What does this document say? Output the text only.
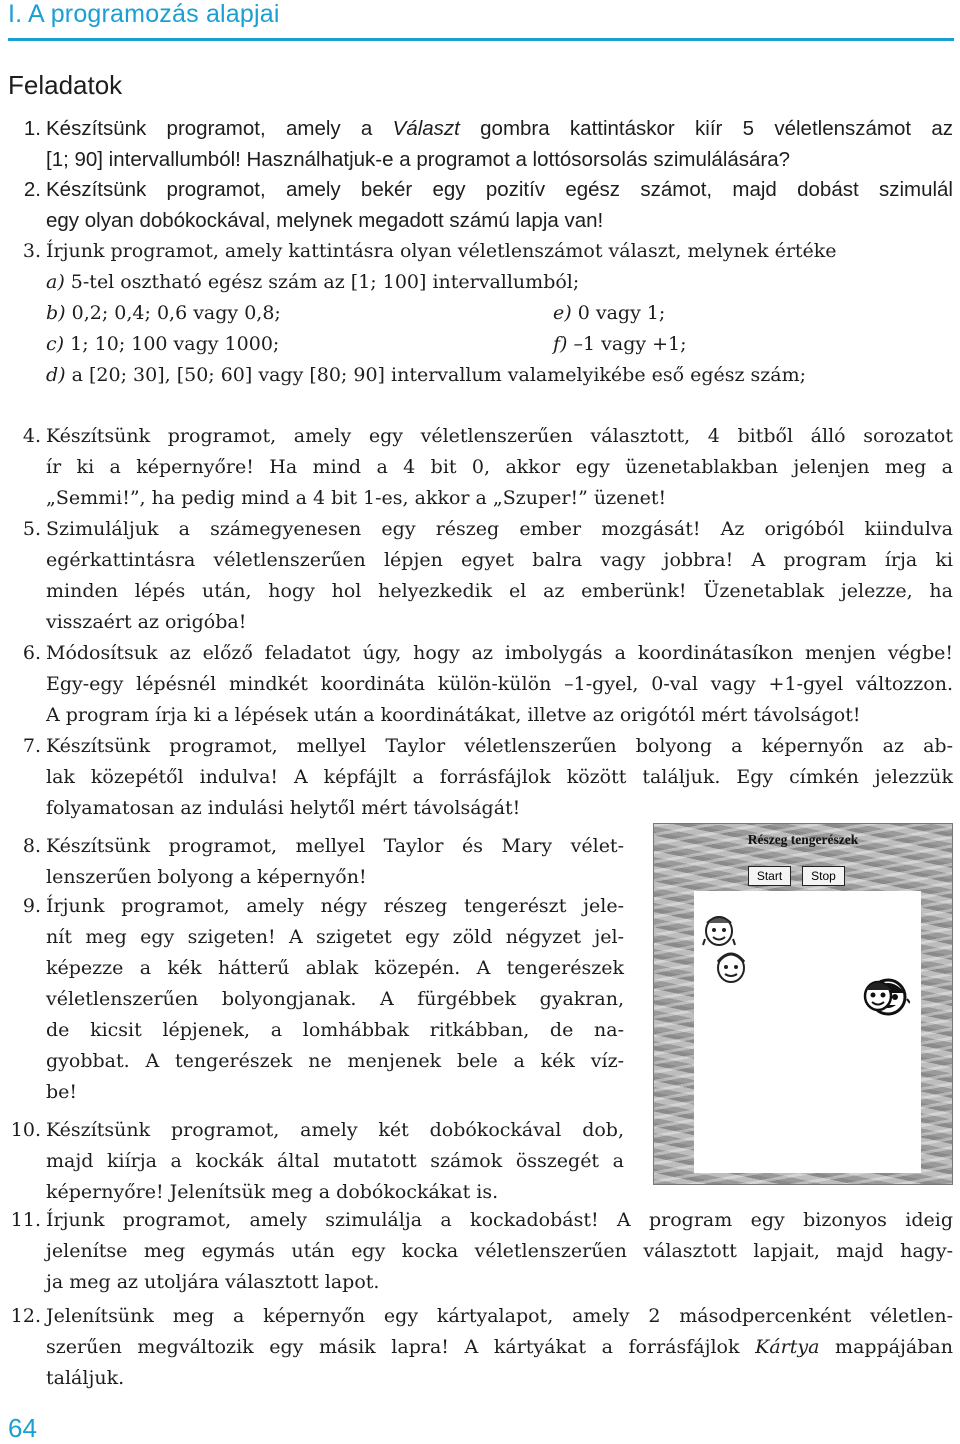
I. A programozás alapjai
Feladatok
1. Készítsünk programot, amely a Választ gombra kattintáskor kiír 5 véletlenszámot az
[1; 90] intervallumból! Használhatjuk-e a programot a lottósorsolás szimulálására?
2. Készítsünk programot, amely bekér egy pozitív egész számot, majd dobást szimulál
egy olyan dobókockával, melynek megadott számú lapja van!
3. Írjunk programot, amely kattintásra olyan véletlenszámot választ, melynek értéke
a) 5-tel osztható egész szám az [1; 100] intervallumból;
b) 0,2; 0,4; 0,6 vagy 0,8;	e) 0 vagy 1;
c) 1; 10; 100 vagy 1000;	f) –1 vagy +1;
d) a [20; 30], [50; 60] vagy [80; 90] intervallum valamelyikébe eső egész szám;
4. Készítsünk programot, amely egy véletlenszerűen választott, 4 bitből álló sorozatot
ír ki a képernyőre! Ha mind a 4 bit 0, akkor egy üzenetablakban jelenjen meg a
„Semmi!”, ha pedig mind a 4 bit 1-es, akkor a „Szuper!” üzenet!
5. Szimuláljuk a számegyenesen egy részeg ember mozgását! Az origóból kiindulva
egérkattintásra véletlenszerűen lépjen egyet balra vagy jobbra! A program írja ki
minden lépés után, hogy hol helyezkedik el az emberünk! Üzenetablak jelezze, ha
visszaért az origóba!
6. Módosítsuk az előző feladatot úgy, hogy az imbolygás a koordinátasíkon menjen végbe!
Egy-egy lépésnél mindkét koordináta külön-külön –1-gyel, 0-val vagy +1-gyel változzon.
A program írja ki a lépések után a koordinátákat, illetve az origótól mért távolságot!
7. Készítsünk programot, mellyel Taylor véletlenszerűen bolyong a képernyőn az ab-
lak közepétől indulva! A képfájlt a forrásfájlok között találjuk. Egy címkén jelezzük
folyamatosan az indulási helytől mért távolságát!
8. Készítsünk programot, mellyel Taylor és Mary vélet-
lenszerűen bolyong a képernyőn!
9. Írjunk programot, amely négy részeg tengerészt jele-
nít meg egy szigeten! A szigetet egy zöld négyzet jel-
képezze a kék hátterű ablak közepén. A tengerészek
véletlenszerűen bolyongjanak. A fürgébbek gyakran,
de kicsit lépjenek, a lomhábbak ritkábban, de na-
gyobbat. A tengerészek ne menjenek bele a kék víz-
be!
10. Készítsünk programot, amely két dobókockával dob,
majd kiírja a kockák által mutatott számok összegét a
képernyőre! Jelenítsük meg a dobókockákat is.
11. Írjunk programot, amely szimulálja a kockadobást! A program egy bizonyos ideig
jelenítse meg egymás után egy kocka véletlenszerűen választott lapjait, majd hagy-
ja meg az utoljára választott lapot.
12. Jelenítsünk meg a képernyőn egy kártyalapot, amely 2 másodpercenként véletlen-
szerűen megváltozik egy másik lapra! A kártyákat a forrásfájlok Kártya mappájában
találjuk.
Részeg tengerészek
Start	Stop
64
